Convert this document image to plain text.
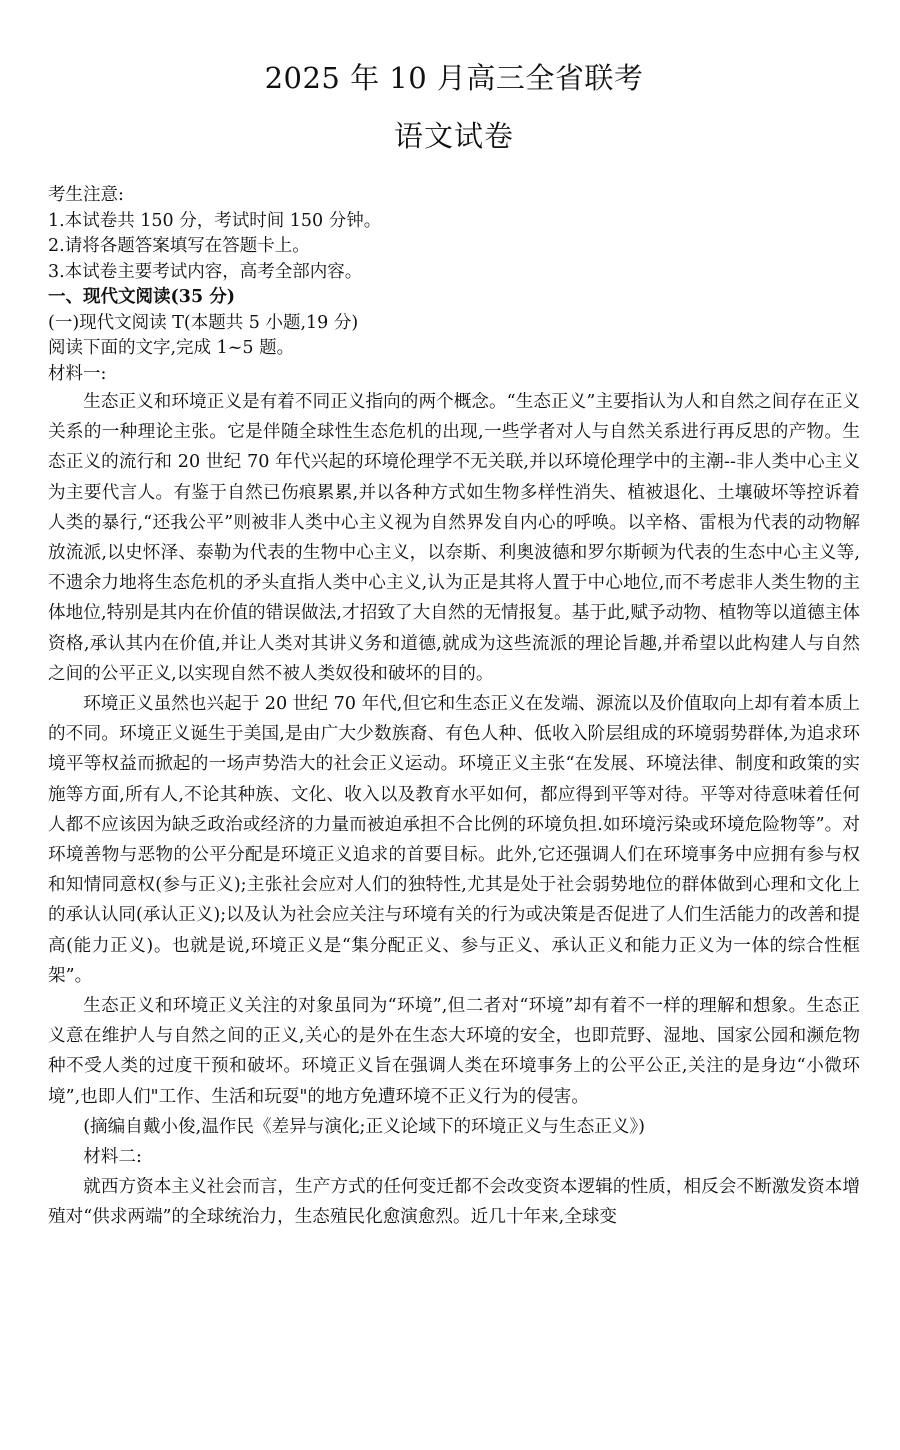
2025 年 10 月高三全省联考
语文试卷
考生注意:
1.本试卷共 150 分，考试时间 150 分钟。
2.请将各题答案填写在答题卡上。
3.本试卷主要考试内容，高考全部内容。
一、现代文阅读(35 分)
(一)现代文阅读 T(本题共 5 小题,19 分)
阅读下面的文字,完成 1~5 题。
材料一:

生态正义和环境正义是有着不同正义指向的两个概念。“生态正义”主要指认为人和自然之间存在正义关系的一种理论主张。它是伴随全球性生态危机的出现,一些学者对人与自然关系进行再反思的产物。生态正义的流行和 20 世纪 70 年代兴起的环境伦理学不无关联,并以环境伦理学中的主潮--非人类中心主义为主要代言人。有鉴于自然已伤痕累累,并以各种方式如生物多样性消失、植被退化、土壤破坏等控诉着人类的暴行,“还我公平”则被非人类中心主义视为自然界发自内心的呼唤。以辛格、雷根为代表的动物解放流派,以史怀泽、泰勒为代表的生物中心主义，以奈斯、利奥波德和罗尔斯顿为代表的生态中心主义等,不遗余力地将生态危机的矛头直指人类中心主义,认为正是其将人置于中心地位,而不考虑非人类生物的主体地位,特别是其内在价值的错误做法,才招致了大自然的无情报复。基于此,赋予动物、植物等以道德主体资格,承认其内在价值,并让人类对其讲义务和道德,就成为这些流派的理论旨趣,并希望以此构建人与自然之间的公平正义,以实现自然不被人类奴役和破坏的目的。

环境正义虽然也兴起于 20 世纪 70 年代,但它和生态正义在发端、源流以及价值取向上却有着本质上的不同。环境正义诞生于美国,是由广大少数族裔、有色人种、低收入阶层组成的环境弱势群体,为追求环境平等权益而掀起的一场声势浩大的社会正义运动。环境正义主张“在发展、环境法律、制度和政策的实施等方面,所有人,不论其种族、文化、收入以及教育水平如何，都应得到平等对待。平等对待意味着任何人都不应该因为缺乏政治或经济的力量而被迫承担不合比例的环境负担.如环境污染或环境危险物等”。对环境善物与恶物的公平分配是环境正义追求的首要目标。此外,它还强调人们在环境事务中应拥有参与权和知情同意权(参与正义);主张社会应对人们的独特性,尤其是处于社会弱势地位的群体做到心理和文化上的承认认同(承认正义);以及认为社会应关注与环境有关的行为或决策是否促进了人们生活能力的改善和提高(能力正义)。也就是说,环境正义是“集分配正义、参与正义、承认正义和能力正义为一体的综合性框架”。

生态正义和环境正义关注的对象虽同为“环境”,但二者对“环境”却有着不一样的理解和想象。生态正义意在维护人与自然之间的正义,关心的是外在生态大环境的安全，也即荒野、湿地、国家公园和濒危物种不受人类的过度干预和破坏。环境正义旨在强调人类在环境事务上的公平公正,关注的是身边“小微环境”,也即人们"工作、生活和玩耍"的地方免遭环境不正义行为的侵害。

(摘编自戴小俊,温作民《差异与演化;正义论域下的环境正义与生态正义》)
材料二:

就西方资本主义社会而言，生产方式的任何变迁都不会改变资本逻辑的性质，相反会不断激发资本增殖对“供求两端”的全球统治力，生态殖民化愈演愈烈。近几十年来,全球变
